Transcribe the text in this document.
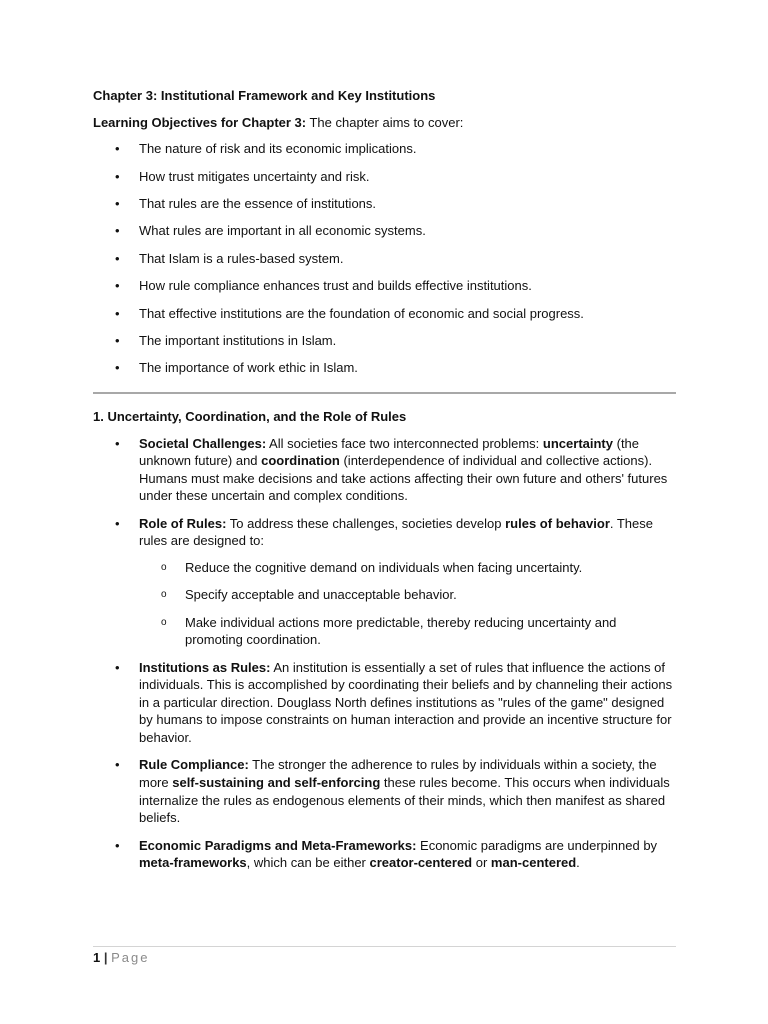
Chapter 3: Institutional Framework and Key Institutions
Learning Objectives for Chapter 3: The chapter aims to cover:
• The nature of risk and its economic implications.
• How trust mitigates uncertainty and risk.
• That rules are the essence of institutions.
• What rules are important in all economic systems.
• That Islam is a rules-based system.
• How rule compliance enhances trust and builds effective institutions.
• That effective institutions are the foundation of economic and social progress.
• The important institutions in Islam.
• The importance of work ethic in Islam.
1. Uncertainty, Coordination, and the Role of Rules
• Societal Challenges: All societies face two interconnected problems: uncertainty (the unknown future) and coordination (interdependence of individual and collective actions). Humans must make decisions and take actions affecting their own future and others' futures under these uncertain and complex conditions.
• Role of Rules: To address these challenges, societies develop rules of behavior. These rules are designed to:
o Reduce the cognitive demand on individuals when facing uncertainty.
o Specify acceptable and unacceptable behavior.
o Make individual actions more predictable, thereby reducing uncertainty and promoting coordination.
• Institutions as Rules: An institution is essentially a set of rules that influence the actions of individuals. This is accomplished by coordinating their beliefs and by channeling their actions in a particular direction. Douglass North defines institutions as "rules of the game" designed by humans to impose constraints on human interaction and provide an incentive structure for behavior.
• Rule Compliance: The stronger the adherence to rules by individuals within a society, the more self-sustaining and self-enforcing these rules become. This occurs when individuals internalize the rules as endogenous elements of their minds, which then manifest as shared beliefs.
• Economic Paradigms and Meta-Frameworks: Economic paradigms are underpinned by meta-frameworks, which can be either creator-centered or man-centered.
1 | Page
